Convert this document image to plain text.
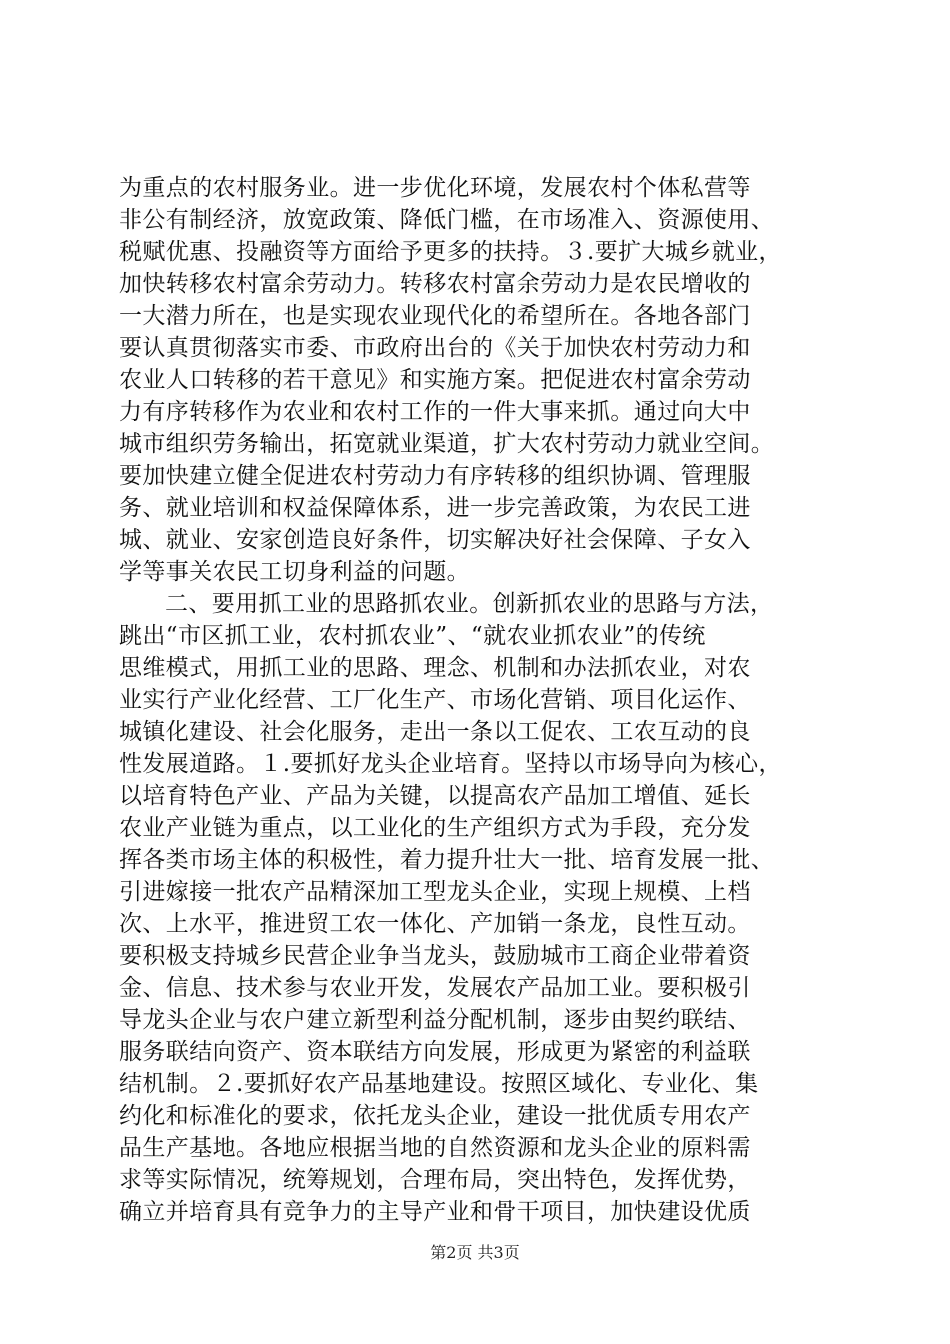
为重点的农村服务业。进一步优化环境，发展农村个体私营等
非公有制经济，放宽政策、降低门槛，在市场准入、资源使用、
税赋优惠、投融资等方面给予更多的扶持。３.要扩大城乡就业，
加快转移农村富余劳动力。转移农村富余劳动力是农民增收的
一大潜力所在，也是实现农业现代化的希望所在。各地各部门
要认真贯彻落实市委、市政府出台的《关于加快农村劳动力和
农业人口转移的若干意见》和实施方案。把促进农村富余劳动
力有序转移作为农业和农村工作的一件大事来抓。通过向大中
城市组织劳务输出，拓宽就业渠道，扩大农村劳动力就业空间。
要加快建立健全促进农村劳动力有序转移的组织协调、管理服
务、就业培训和权益保障体系，进一步完善政策，为农民工进
城、就业、安家创造良好条件，切实解决好社会保障、子女入
学等事关农民工切身利益的问题。
二、要用抓工业的思路抓农业。创新抓农业的思路与方法，
跳出“市区抓工业，农村抓农业”、“就农业抓农业”的传统
思维模式，用抓工业的思路、理念、机制和办法抓农业，对农
业实行产业化经营、工厂化生产、市场化营销、项目化运作、
城镇化建设、社会化服务，走出一条以工促农、工农互动的良
性发展道路。１.要抓好龙头企业培育。坚持以市场导向为核心，
以培育特色产业、产品为关键，以提高农产品加工增值、延长
农业产业链为重点，以工业化的生产组织方式为手段，充分发
挥各类市场主体的积极性，着力提升壮大一批、培育发展一批、
引进嫁接一批农产品精深加工型龙头企业，实现上规模、上档
次、上水平，推进贸工农一体化、产加销一条龙，良性互动。
要积极支持城乡民营企业争当龙头，鼓励城市工商企业带着资
金、信息、技术参与农业开发，发展农产品加工业。要积极引
导龙头企业与农户建立新型利益分配机制，逐步由契约联结、
服务联结向资产、资本联结方向发展，形成更为紧密的利益联
结机制。２.要抓好农产品基地建设。按照区域化、专业化、集
约化和标准化的要求，依托龙头企业，建设一批优质专用农产
品生产基地。各地应根据当地的自然资源和龙头企业的原料需
求等实际情况，统筹规划，合理布局，突出特色，发挥优势，
确立并培育具有竞争力的主导产业和骨干项目，加快建设优质
第2页 共3页
